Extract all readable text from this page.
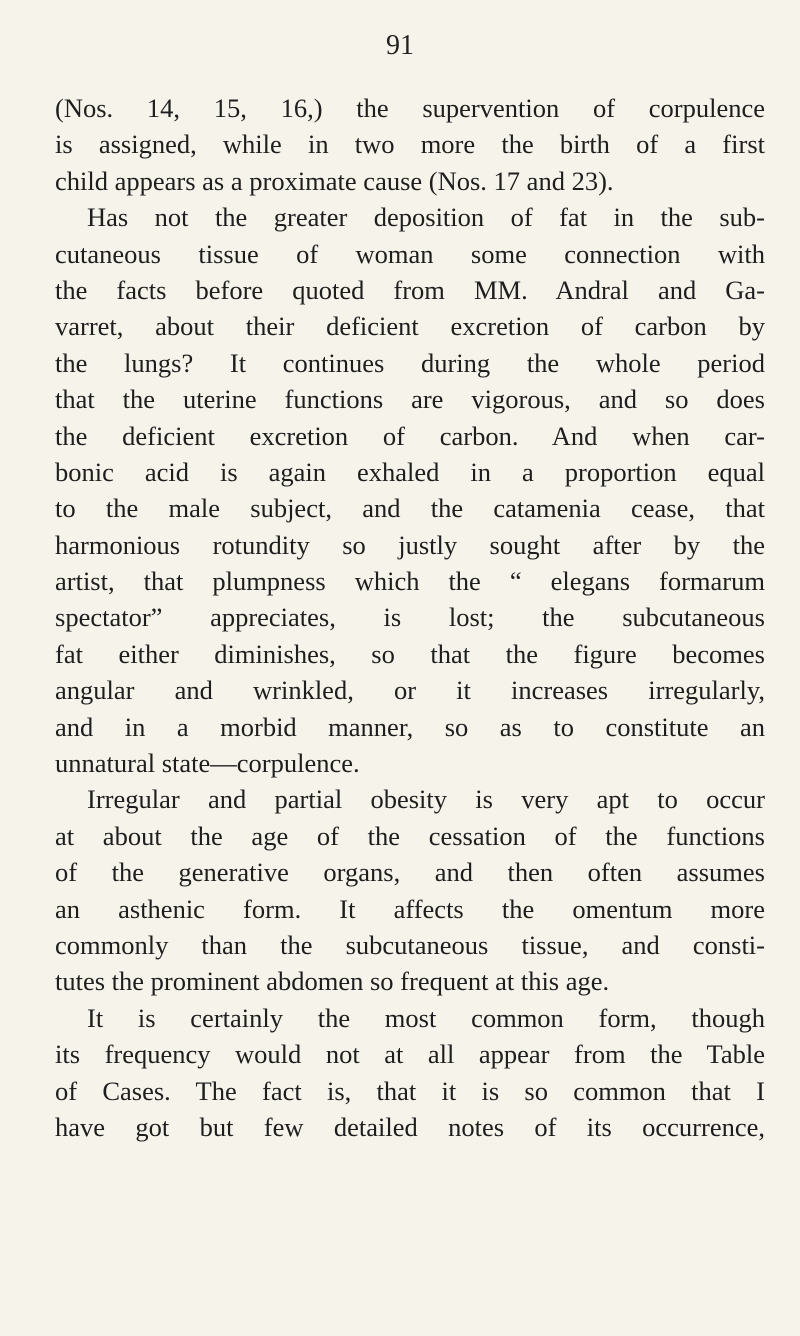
91
(Nos. 14, 15, 16,) the supervention of corpulence
is assigned, while in two more the birth of a first
child appears as a proximate cause (Nos. 17 and 23).
Has not the greater deposition of fat in the sub-
cutaneous tissue of woman some connection with
the facts before quoted from MM. Andral and Ga-
varret, about their deficient excretion of carbon by
the lungs? It continues during the whole period
that the uterine functions are vigorous, and so does
the deficient excretion of carbon. And when car-
bonic acid is again exhaled in a proportion equal
to the male subject, and the catamenia cease, that
harmonious rotundity so justly sought after by the
artist, that plumpness which the “ elegans formarum
spectator” appreciates, is lost; the subcutaneous
fat either diminishes, so that the figure becomes
angular and wrinkled, or it increases irregularly,
and in a morbid manner, so as to constitute an
unnatural state—corpulence.
Irregular and partial obesity is very apt to occur
at about the age of the cessation of the functions
of the generative organs, and then often assumes
an asthenic form. It affects the omentum more
commonly than the subcutaneous tissue, and consti-
tutes the prominent abdomen so frequent at this age.
It is certainly the most common form, though
its frequency would not at all appear from the Table
of Cases. The fact is, that it is so common that I
have got but few detailed notes of its occurrence,
